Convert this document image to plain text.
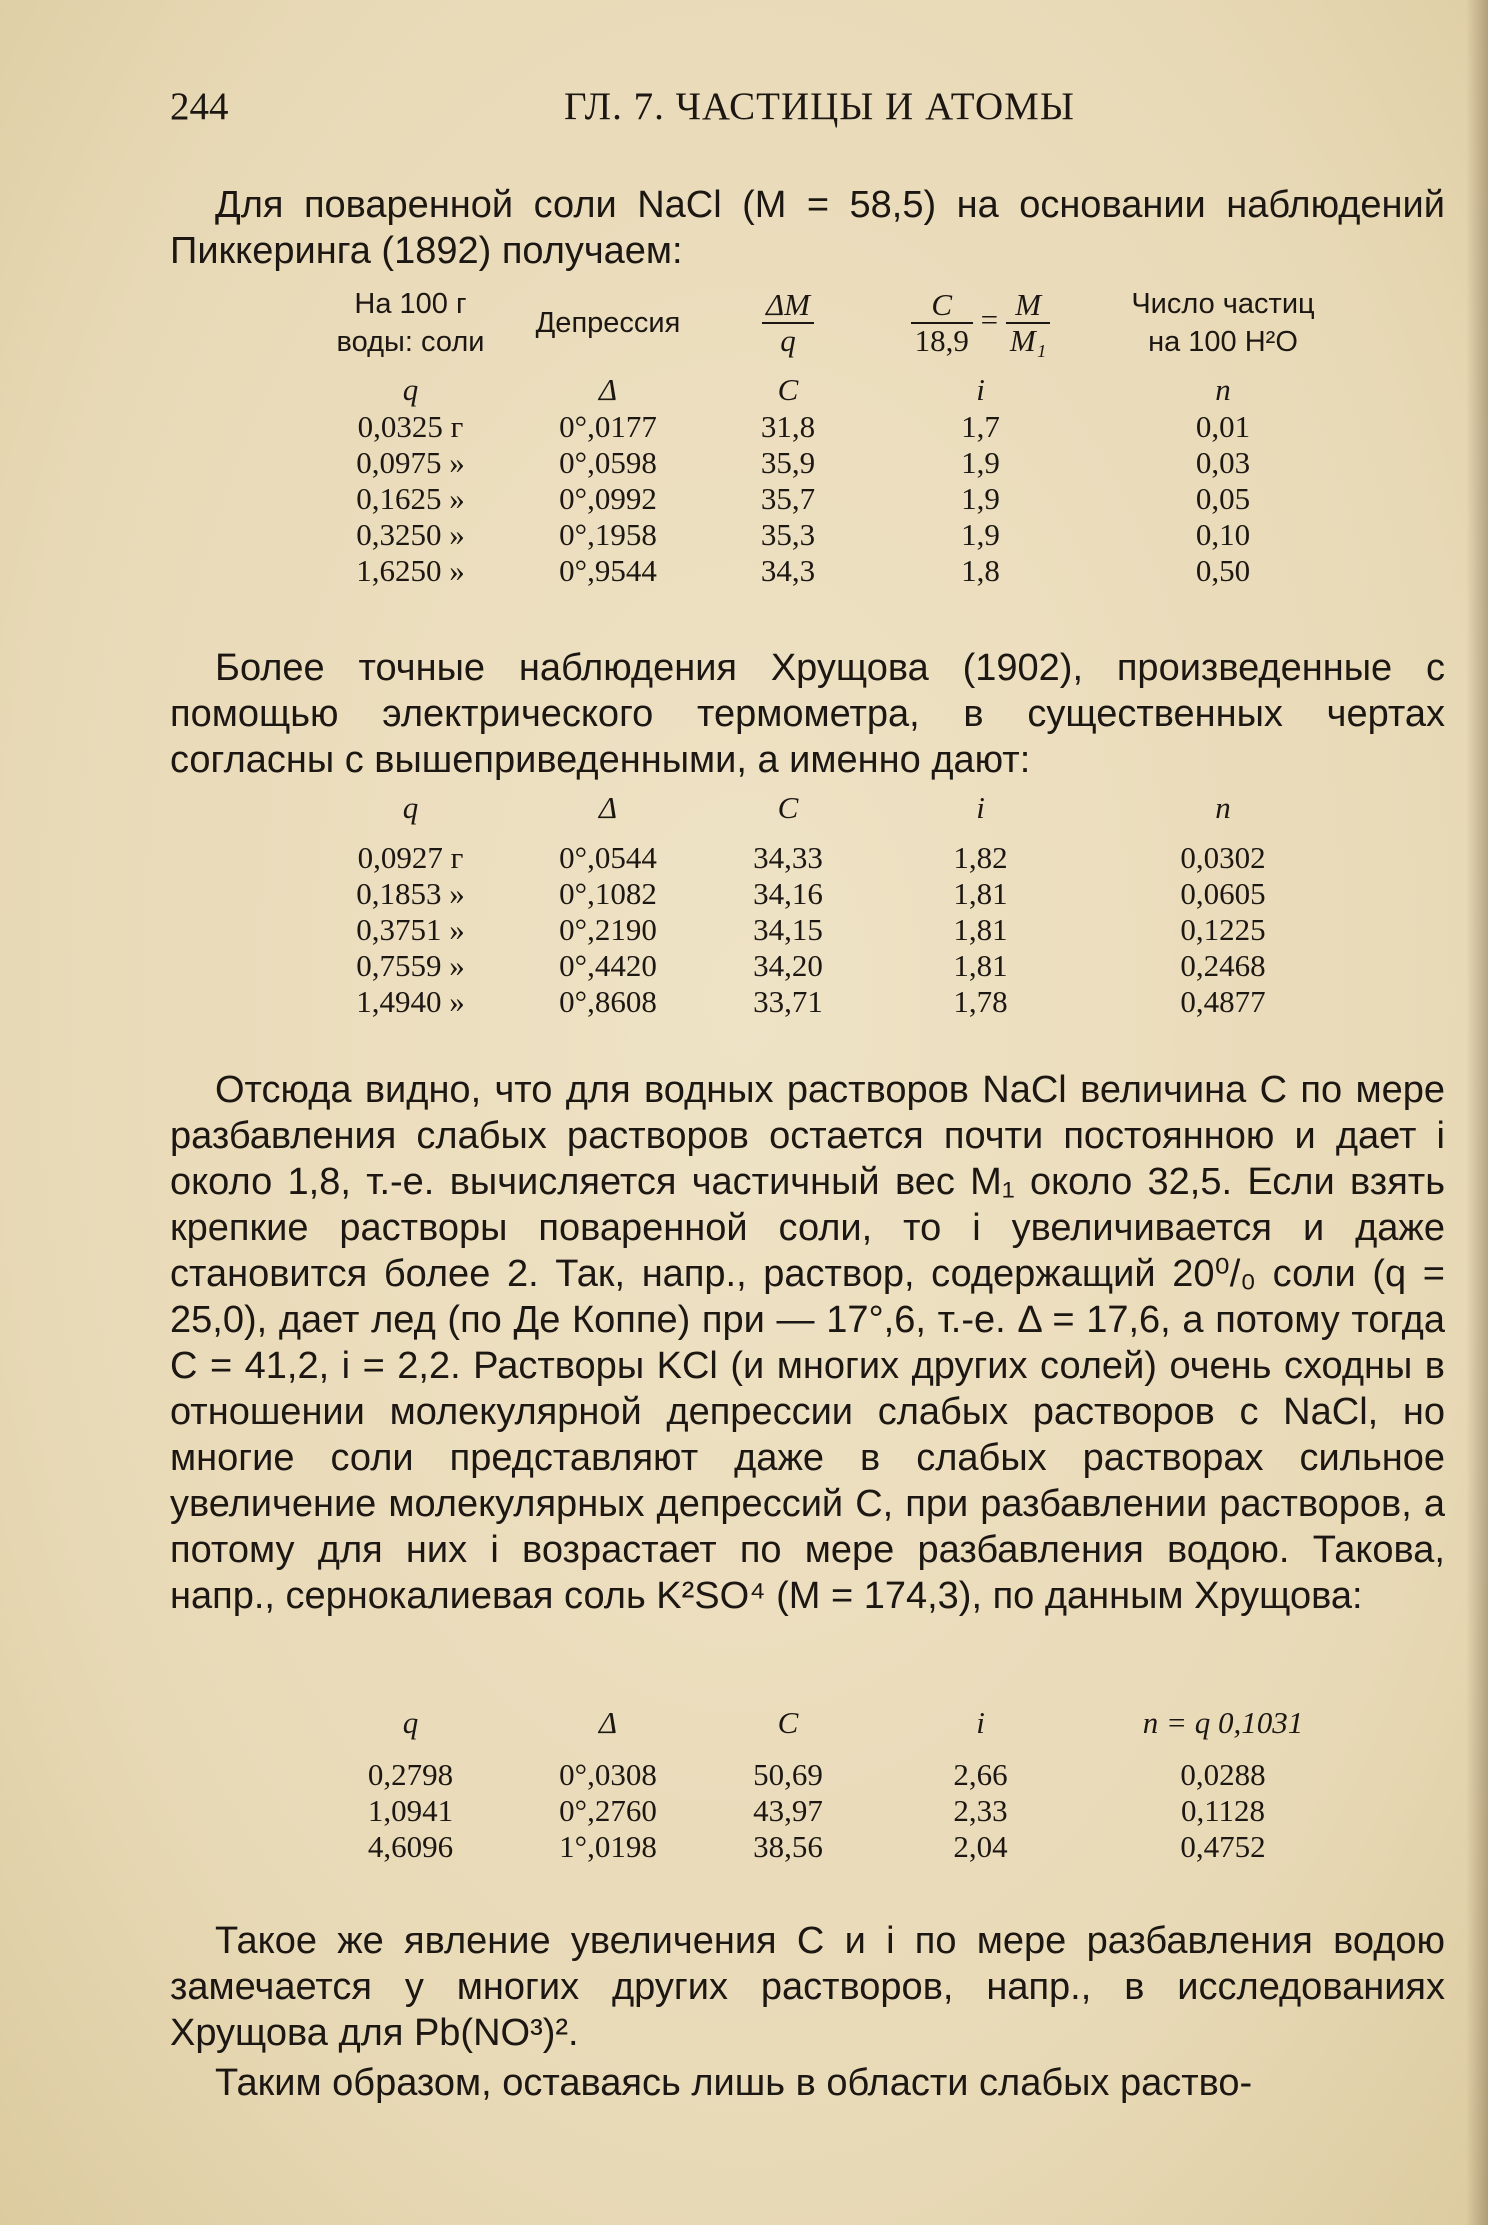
244	ГЛ. 7. ЧАСТИЦЫ И АТОМЫ

Для поваренной соли NaCl (M = 58,5) на основании наблюдений Пиккеринга (1892) получаем:

На 100 г
воды: соли	Депрессия	$\frac{\Delta M}{q}$	$\frac{C}{18,9} = \frac{M}{\text{M₁}}$	Число частиц
на 100 H²O
q	Δ	C	i	n
0,0325 г	0°,0177	31,8	1,7	0,01
0,0975 »	0°,0598	35,9	1,9	0,03
0,1625 »	0°,0992	35,7	1,9	0,05
0,3250 »	0°,1958	35,3	1,9	0,10
1,6250 »	0°,9544	34,3	1,8	0,50

Более точные наблюдения Хрущова (1902), произведенные с помощью электрического термометра, в существенных чертах согласны с вышеприведенными, а именно дают:

q	Δ	C	i	n
0,0927 г	0°,0544	34,33	1,82	0,0302
0,1853 »	0°,1082	34,16	1,81	0,0605
0,3751 »	0°,2190	34,15	1,81	0,1225
0,7559 »	0°,4420	34,20	1,81	0,2468
1,4940 »	0°,8608	33,71	1,78	0,4877

Отсюда видно, что для водных растворов NaCl величина C по мере разбавления слабых растворов остается почти постоянною и дает i около 1,8, т.-е. вычисляется частичный вес M₁ около 32,5. Если взять крепкие растворы поваренной соли, то i увеличивается и даже становится более 2. Так, напр., раствор, содержащий 20⁰/₀ соли (q = 25,0), дает лед (по Де Коппе) при — 17°,6, т.-е. Δ = 17,6, а потому тогда C = 41,2, i = 2,2. Растворы KCl (и многих других солей) очень сходны в отношении молекулярной депрессии слабых растворов с NaCl, но многие соли представляют даже в слабых растворах сильное увеличение молекулярных депрессий C, при разбавлении растворов, а потому для них i возрастает по мере разбавления водою. Такова, напр., сернокалиевая соль K²SO⁴ (M = 174,3), по данным Хрущова:

q	Δ	C	i	n = q 0,1031
0,2798	0°,0308	50,69	2,66	0,0288
1,0941	0°,2760	43,97	2,33	0,1128
4,6096	1°,0198	38,56	2,04	0,4752

Такое же явление увеличения C и i по мере разбавления водою замечается у многих других растворов, напр., в исследованиях Хрущова для Pb(NO³)².

Таким образом, оставаясь лишь в области слабых раство-
